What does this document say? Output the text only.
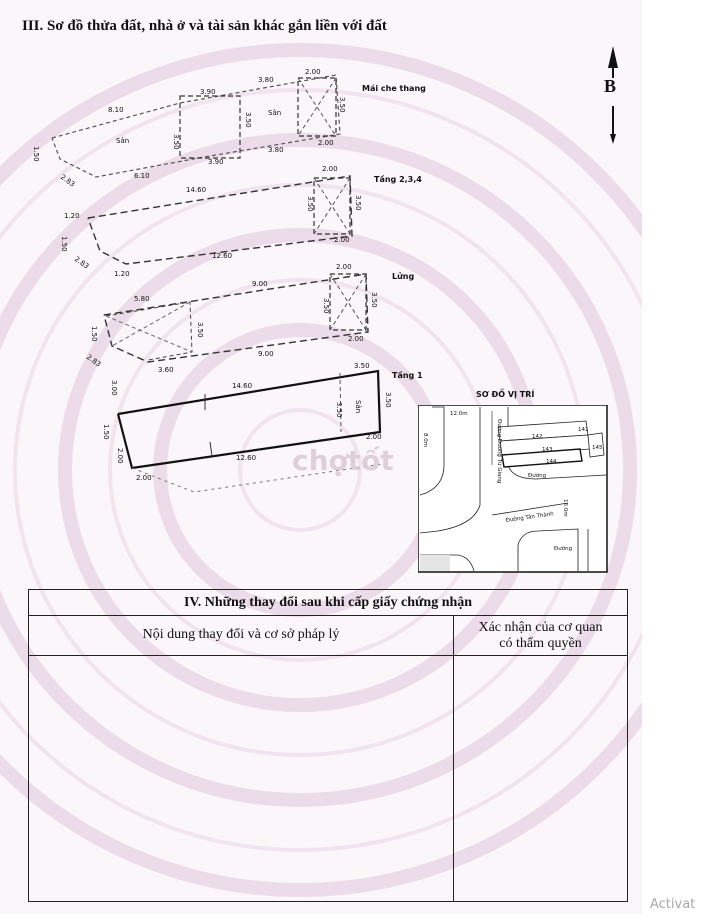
III. Sơ đồ thửa đất, nhà ở và tài sản khác gắn liền với đất
B
8.10
3.90
3.80
2.00
3.50
3.50
3.50
1.50
2.83	6.10
3.90
3.80
2.00
Sân
Sân
Mái che thang
14.60
2.00
3.50	3.50
1.20
1.50
2.83
1.20
12.60
2.00
Tầng 2,3,4
5.80
9.00
2.00
3.50
3.50	3.50
1.50
2.83
3.60
9.00
2.00
Lửng
3.00	14.60
3.50
3.50
1.50
2.00	12.60
2.00
2.00
3.50
Sân
Tầng 1
chợtốt
SƠ ĐỒ VỊ TRÍ
12.0m
8.0m	Đường Dương Tử Giang
Đường Tân Thành
16.0m
142
141
143	145
144
Đường
Đường
IV. Những thay đổi sau khi cấp giấy chứng nhận
Nội dung thay đổi và cơ sở pháp lý	Xác nhận của cơ quan
có thẩm quyền
Activat
